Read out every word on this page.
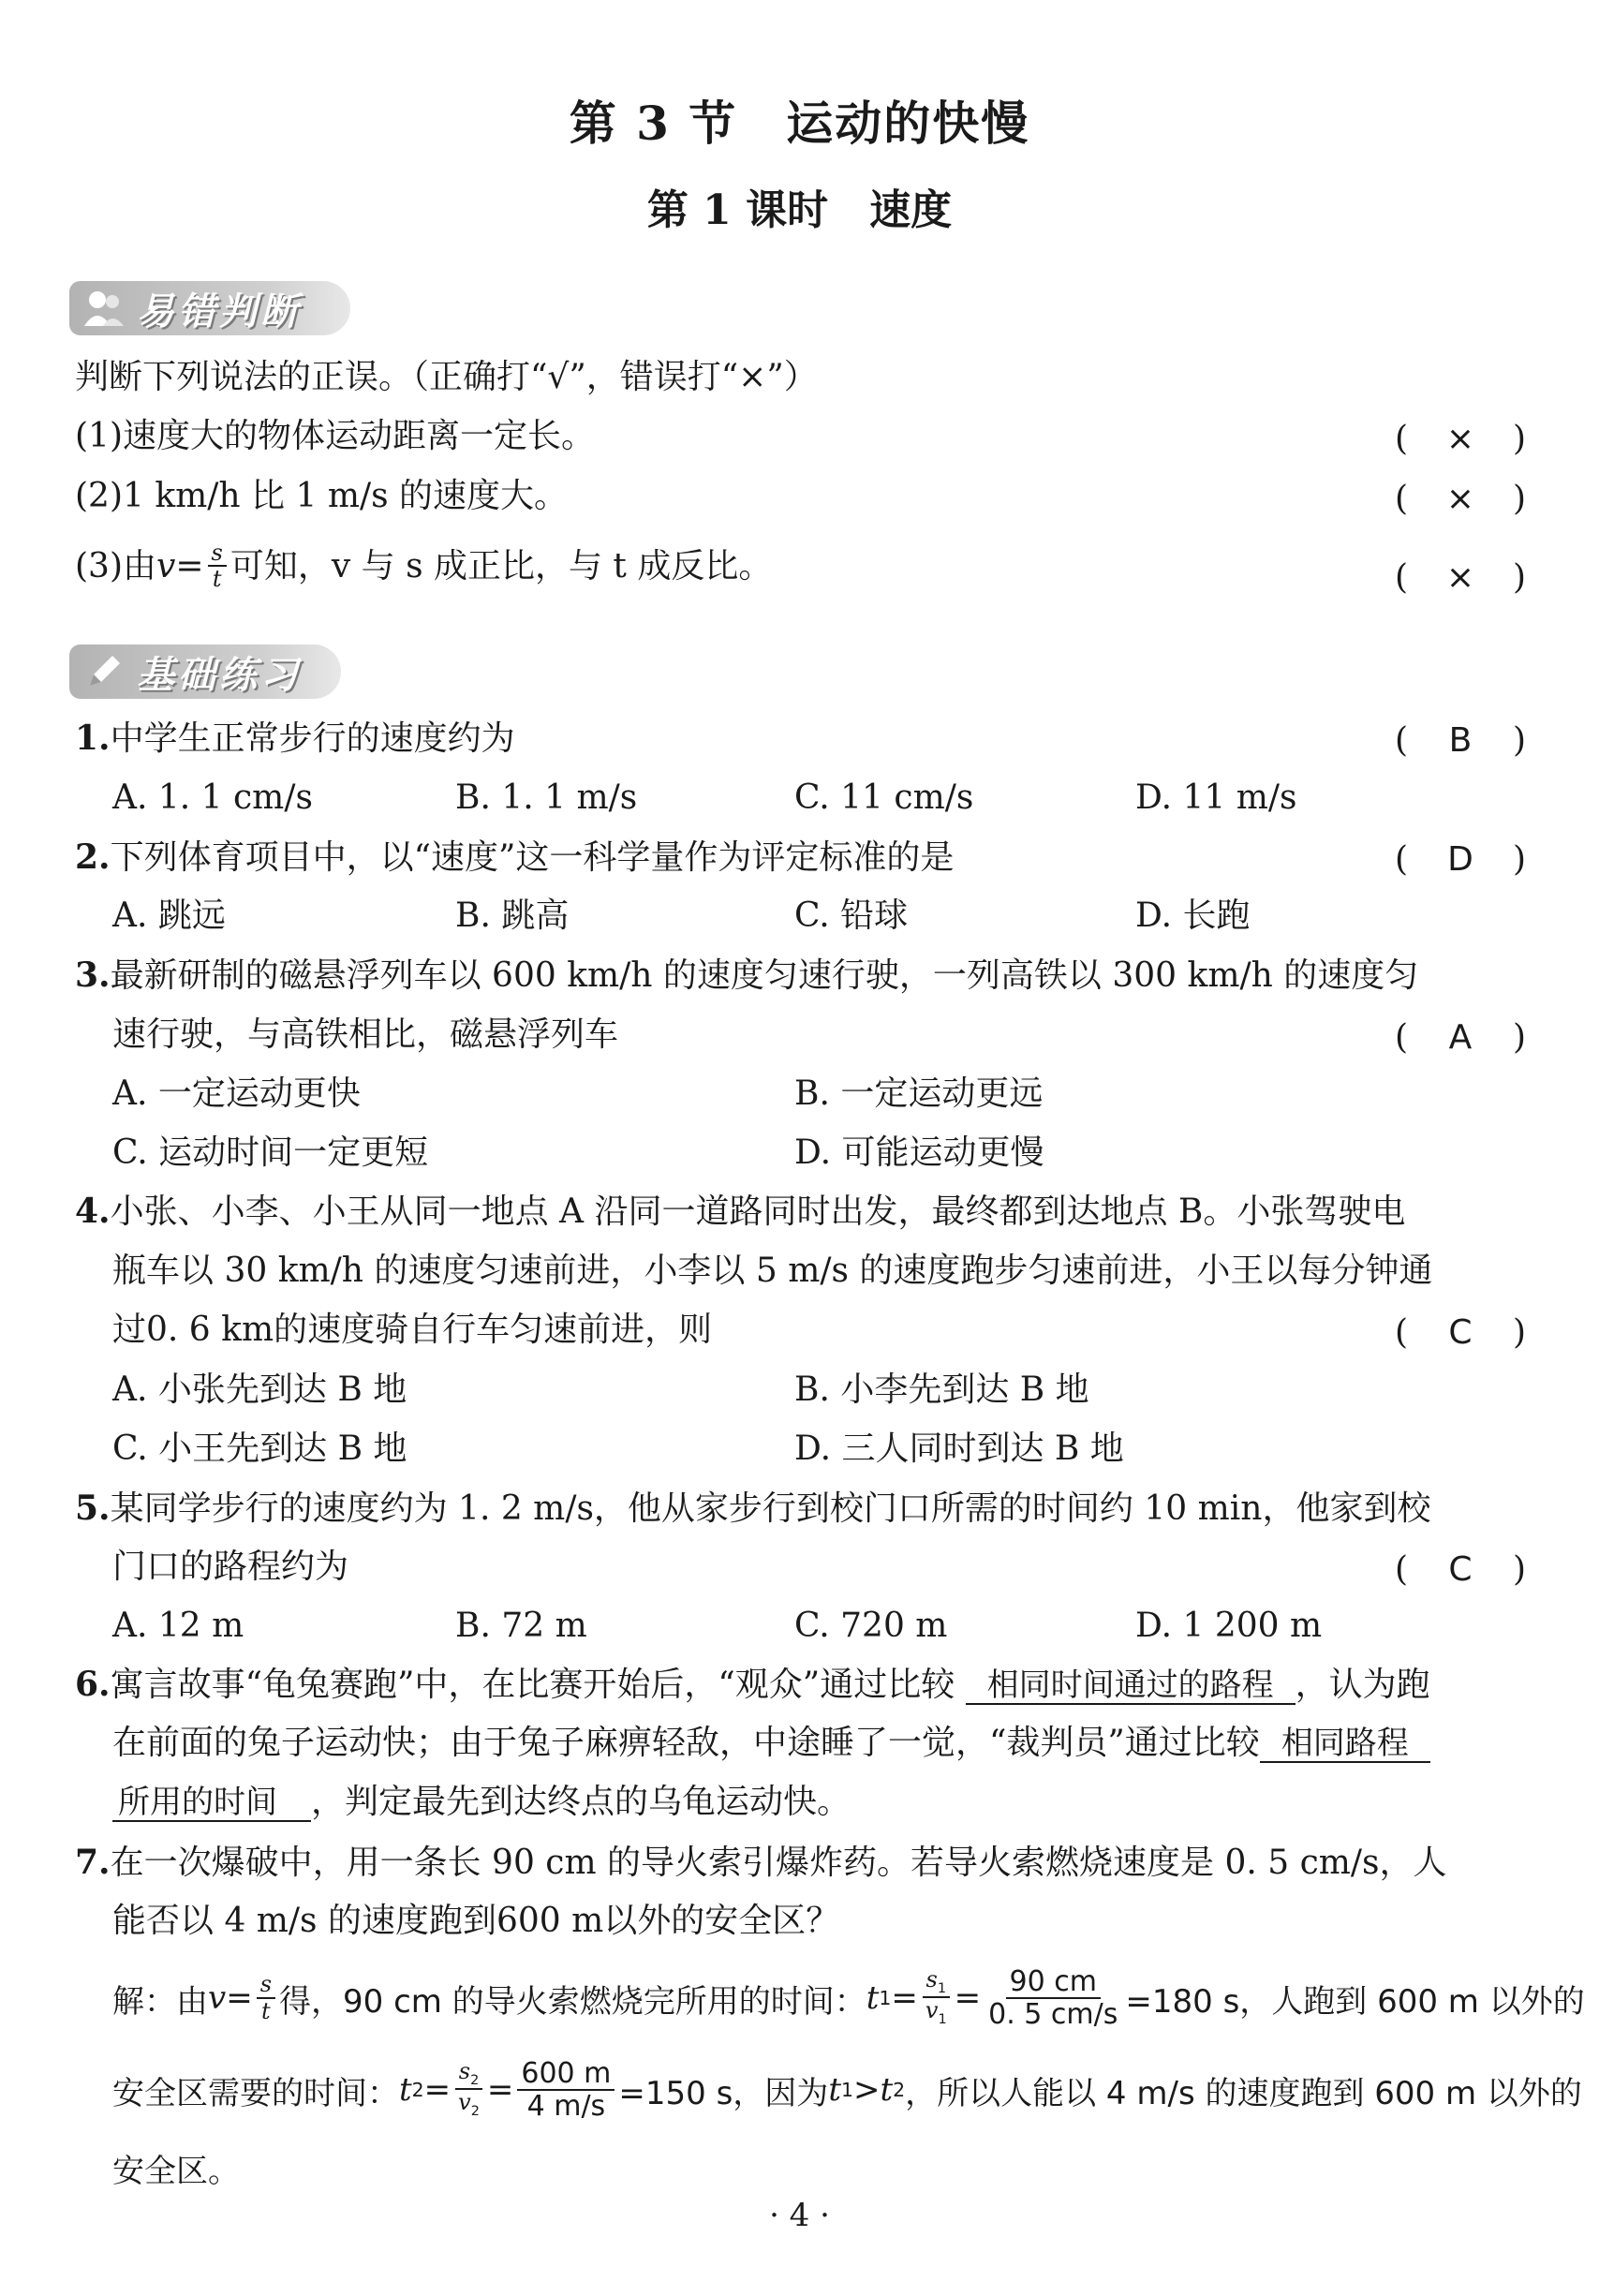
第 3 节　运动的快慢
第 1 课时　速度
易错判断
判断下列说法的正误。（正确打“√”，错误打“×”）
(1)速度大的物体运动距离一定长。	(	×	)
(2)1 km/h 比 1 m/s 的速度大。	(	×	)
(3)由 $v = \frac{s}{t}$ 可知，v 与 s 成正比，与 t 成反比。	(	×	)
基础练习
1.中学生正常步行的速度约为	(	B	)
A. 1. 1 cm/s	B. 1. 1 m/s	C. 11 cm/s	D. 11 m/s
2.下列体育项目中，以“速度”这一科学量作为评定标准的是	(	D	)
A. 跳远	B. 跳高	C. 铅球	D. 长跑
3.最新研制的磁悬浮列车以 600 km/h 的速度匀速行驶，一列高铁以 300 km/h 的速度匀
速行驶，与高铁相比，磁悬浮列车	(	A	)
A. 一定运动更快	B. 一定运动更远
C. 运动时间一定更短	D. 可能运动更慢
4.小张、小李、小王从同一地点 A 沿同一道路同时出发，最终都到达地点 B。小张驾驶电
瓶车以 30 km/h 的速度匀速前进，小李以 5 m/s 的速度跑步匀速前进，小王以每分钟通
过0. 6 km的速度骑自行车匀速前进，则	(	C	)
A. 小张先到达 B 地	B. 小李先到达 B 地
C. 小王先到达 B 地	D. 三人同时到达 B 地
5.某同学步行的速度约为 1. 2 m/s，他从家步行到校门口所需的时间约 10 min，他家到校
门口的路程约为	(	C	)
A. 12 m	B. 72 m	C. 720 m	D. 1 200 m
6.寓言故事“龟兔赛跑”中，在比赛开始后，“观众”通过比较 相同时间通过的路程 ，认为跑
在前面的兔子运动快；由于兔子麻痹轻敌，中途睡了一觉，“裁判员”通过比较 相同路程
所用的时间 ，判定最先到达终点的乌龟运动快。
7.在一次爆破中，用一条长 90 cm 的导火索引爆炸药。若导火索燃烧速度是 0. 5 cm/s，人
能否以 4 m/s 的速度跑到600 m以外的安全区？
解：由 $v = \frac{s}{t}$ 得，90 cm 的导火索燃烧完所用的时间： t $1 = \frac{s_1}{v_1} = \frac{90 cm}{0. 5 cm/s} =180$ s，人跑到 600 m 以外的
安全区需要的时间： t $2 = \frac{s_2}{v_2} = \frac{600 m}{4 m/s} =150$ s，因为 t 1 > t 2 ，所以人能以 4 m/s 的速度跑到 600 m 以外的
安全区。
· 4 ·
